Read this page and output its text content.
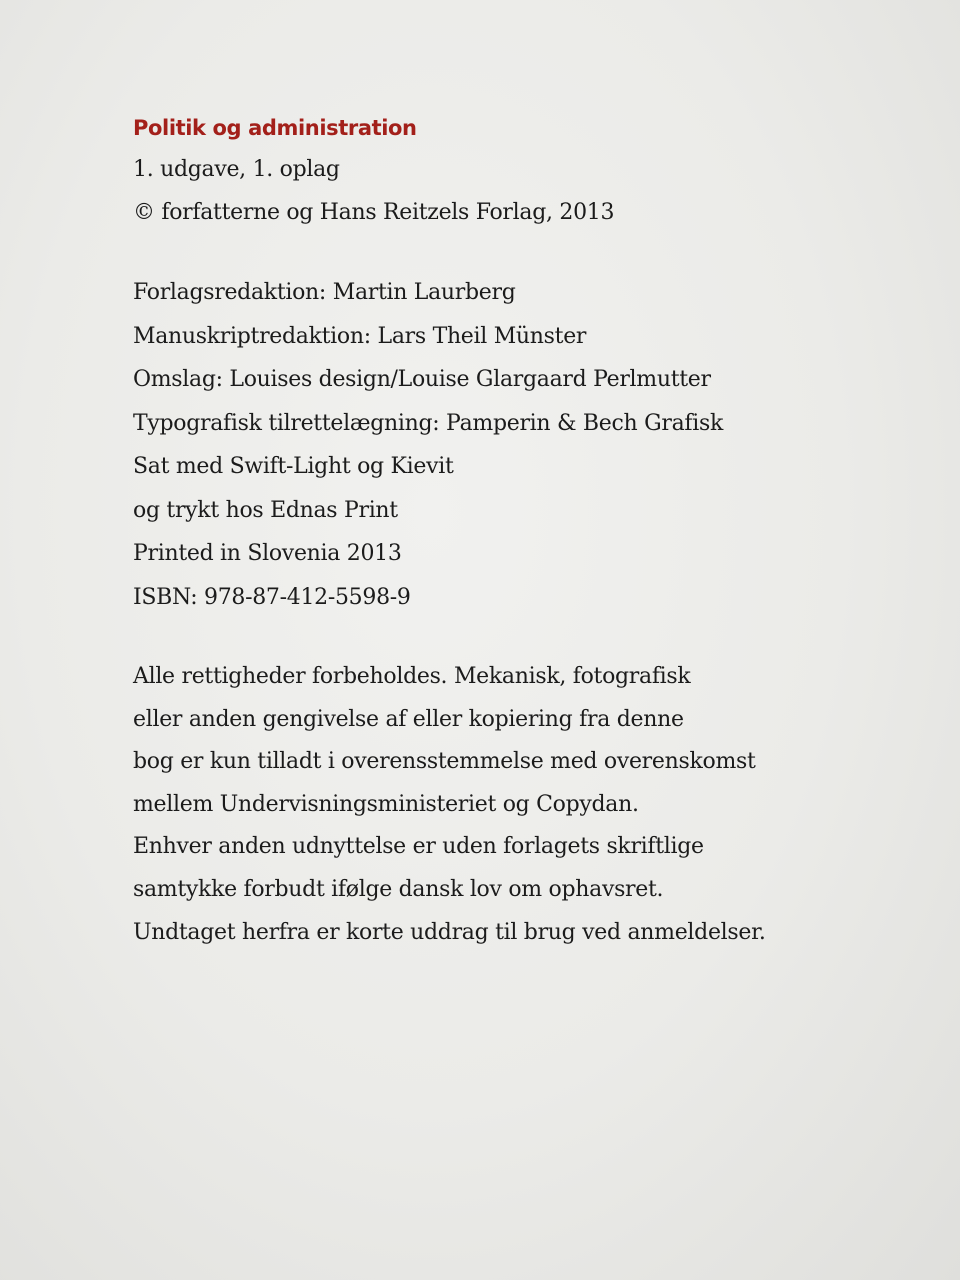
Politik og administration

1. udgave, 1. oplag

© forfatterne og Hans Reitzels Forlag, 2013

Forlagsredaktion: Martin Laurberg

Manuskriptredaktion: Lars Theil Münster

Omslag: Louises design/Louise Glargaard Perlmutter

Typografisk tilrettelægning: Pamperin & Bech Grafisk

Sat med Swift-Light og Kievit

og trykt hos Ednas Print

Printed in Slovenia 2013

ISBN: 978-87-412-5598-9

Alle rettigheder forbeholdes. Mekanisk, fotografisk

eller anden gengivelse af eller kopiering fra denne

bog er kun tilladt i overensstemmelse med overenskomst

mellem Undervisningsministeriet og Copydan.

Enhver anden udnyttelse er uden forlagets skriftlige

samtykke forbudt ifølge dansk lov om ophavsret.

Undtaget herfra er korte uddrag til brug ved anmeldelser.
